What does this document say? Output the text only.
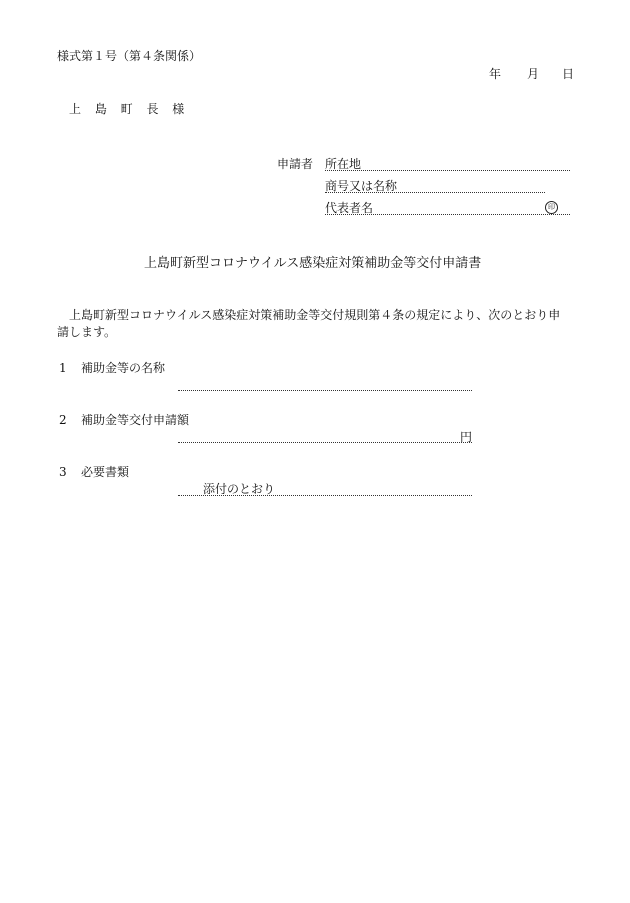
様式第１号（第４条関係）
年 月 日
上 島 町 長 様
申請者 所在地
商号又は名称
代表者名	印
上島町新型コロナウイルス感染症対策補助金等交付申請書
上島町新型コロナウイルス感染症対策補助金等交付規則第４条の規定により、次のとおり申
請します。
1 補助金等の名称
2 補助金等交付申請額
円
3 必要書類
添付のとおり
